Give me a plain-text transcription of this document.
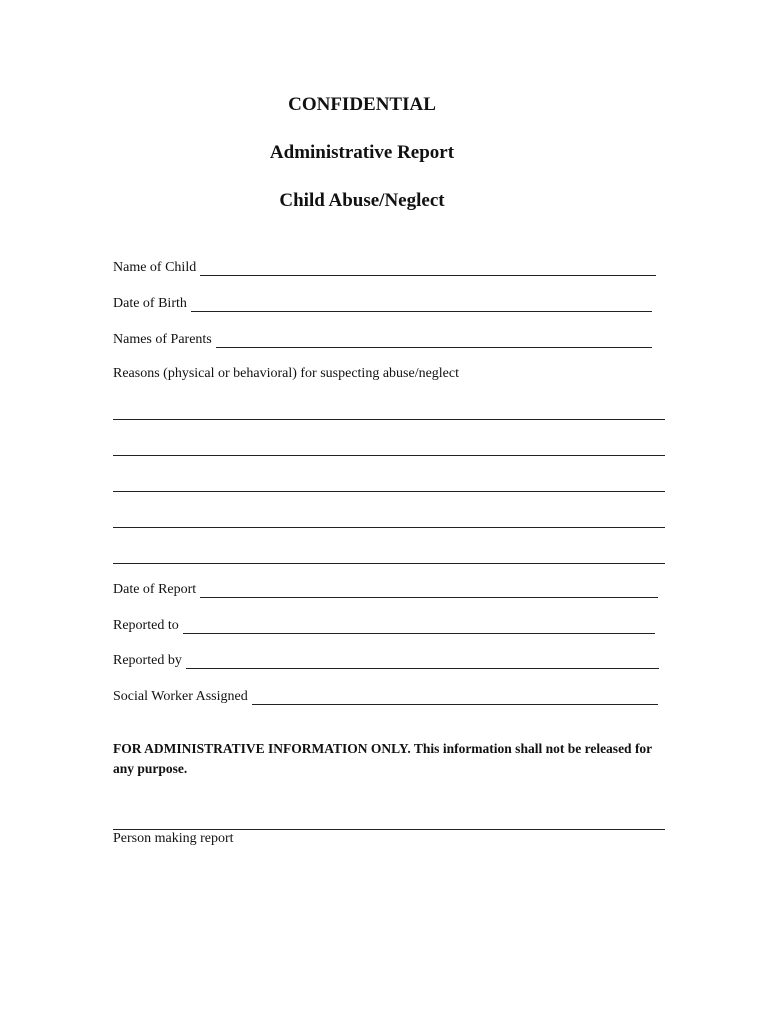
CONFIDENTIAL
Administrative Report
Child Abuse/Neglect
Name of Child
Date of Birth
Names of Parents
Reasons (physical or behavioral) for suspecting abuse/neglect
Date of Report
Reported to
Reported by
Social Worker Assigned
FOR ADMINISTRATIVE INFORMATION ONLY. This information shall not be released for any purpose.
Person making report
